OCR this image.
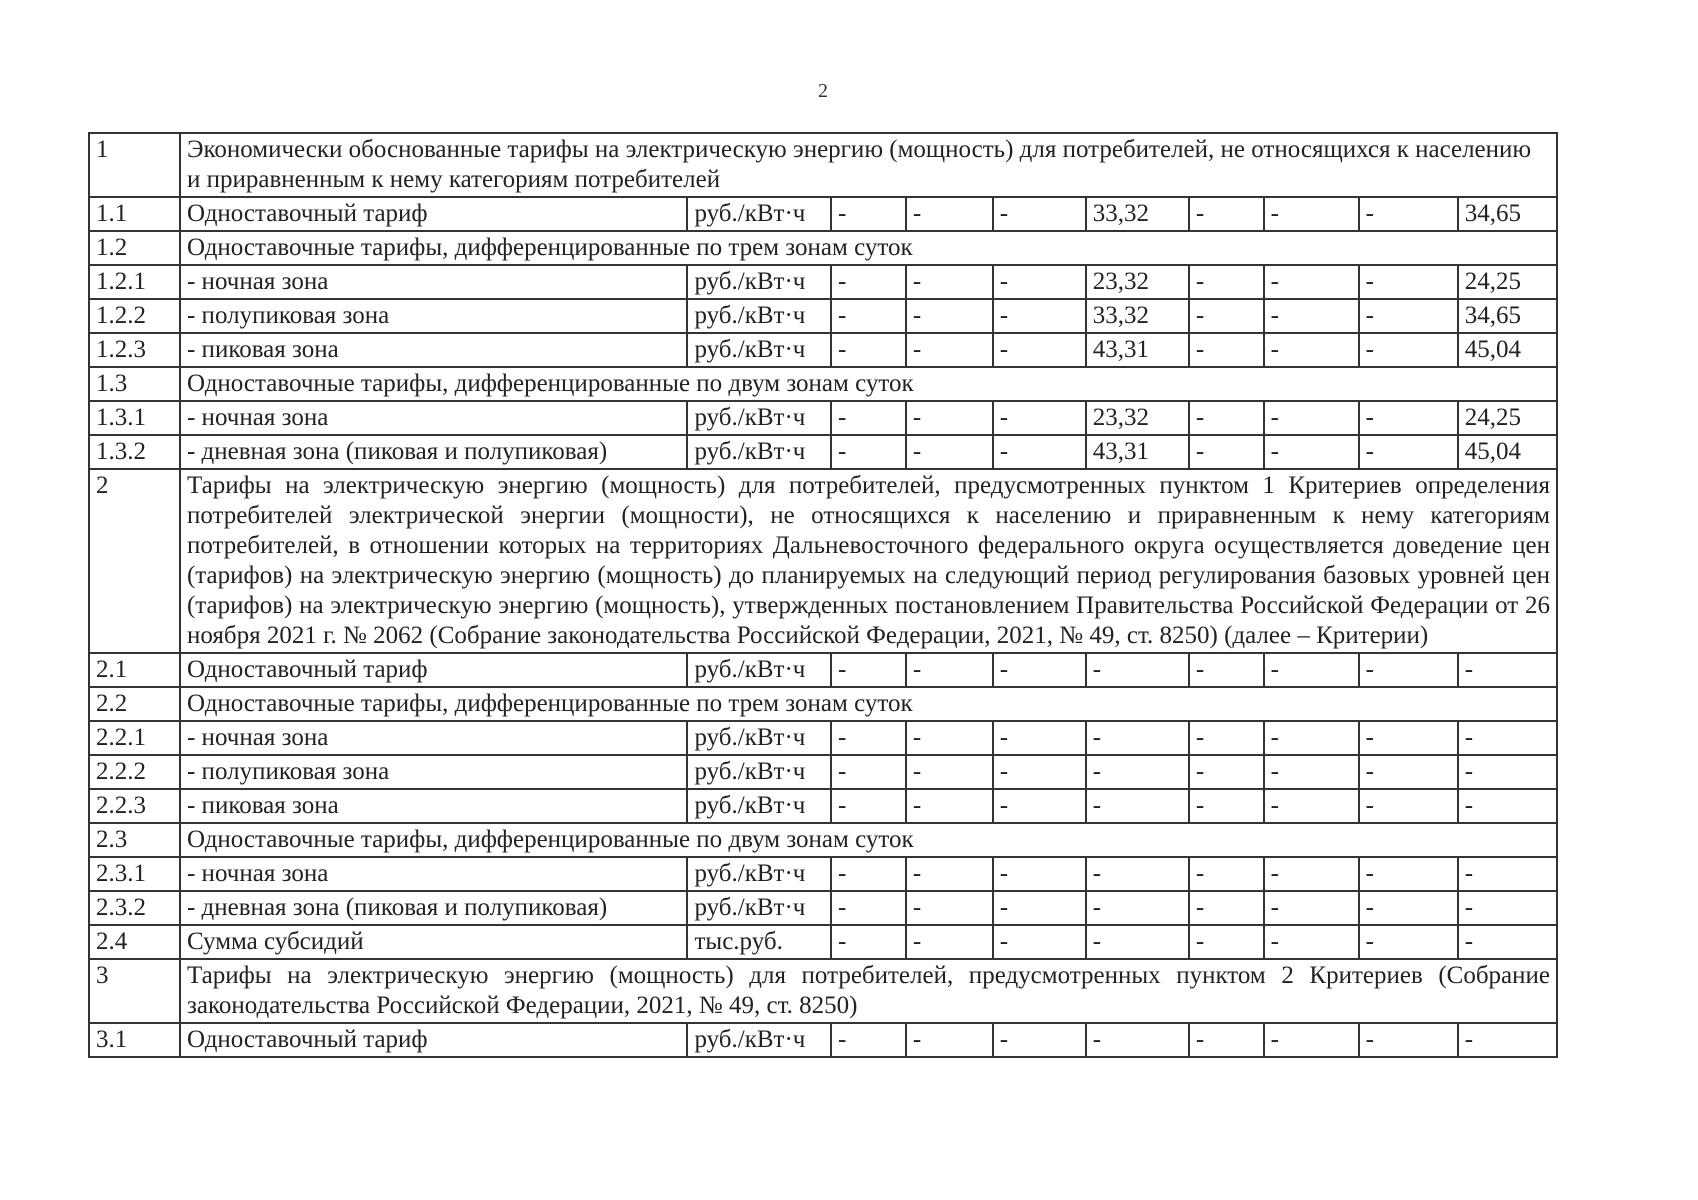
2
1	Экономически обоснованные тарифы на электрическую энергию (мощность) для потребителей, не относящихся к населению и приравненным к нему категориям потребителей									
1.1	Одноставочный тариф	руб./кВт·ч	-	-	-	33,32	-	-	-	34,65
1.2	Одноставочные тарифы, дифференцированные по трем зонам суток									
1.2.1	- ночная зона	руб./кВт·ч	-	-	-	23,32	-	-	-	24,25
1.2.2	- полупиковая зона	руб./кВт·ч	-	-	-	33,32	-	-	-	34,65
1.2.3	- пиковая зона	руб./кВт·ч	-	-	-	43,31	-	-	-	45,04
1.3	Одноставочные тарифы, дифференцированные по двум зонам суток									
1.3.1	- ночная зона	руб./кВт·ч	-	-	-	23,32	-	-	-	24,25
1.3.2	- дневная зона (пиковая и полупиковая)	руб./кВт·ч	-	-	-	43,31	-	-	-	45,04
2	Тарифы на электрическую энергию (мощность) для потребителей, предусмотренных пунктом 1 Критериев определения потребителей электрической энергии (мощности), не относящихся к населению и приравненным к нему категориям потребителей, в отношении которых на территориях Дальневосточного федерального округа осуществляется доведение цен (тарифов) на электрическую энергию (мощность) до планируемых на следующий период регулирования базовых уровней цен (тарифов) на электрическую энергию (мощность), утвержденных постановлением Правительства Российской Федерации от 26 ноября 2021 г. № 2062 (Собрание законодательства Российской Федерации, 2021, № 49, ст. 8250) (далее – Критерии)									
2.1	Одноставочный тариф	руб./кВт·ч	-	-	-	-	-	-	-	-
2.2	Одноставочные тарифы, дифференцированные по трем зонам суток									
2.2.1	- ночная зона	руб./кВт·ч	-	-	-	-	-	-	-	-
2.2.2	- полупиковая зона	руб./кВт·ч	-	-	-	-	-	-	-	-
2.2.3	- пиковая зона	руб./кВт·ч	-	-	-	-	-	-	-	-
2.3	Одноставочные тарифы, дифференцированные по двум зонам суток									
2.3.1	- ночная зона	руб./кВт·ч	-	-	-	-	-	-	-	-
2.3.2	- дневная зона (пиковая и полупиковая)	руб./кВт·ч	-	-	-	-	-	-	-	-
2.4	Сумма субсидий	тыс.руб.	-	-	-	-	-	-	-	-
3	Тарифы на электрическую энергию (мощность) для потребителей, предусмотренных пунктом 2 Критериев (Собрание законодательства Российской Федерации, 2021, № 49, ст. 8250)									
3.1	Одноставочный тариф	руб./кВт·ч	-	-	-	-	-	-	-	-
